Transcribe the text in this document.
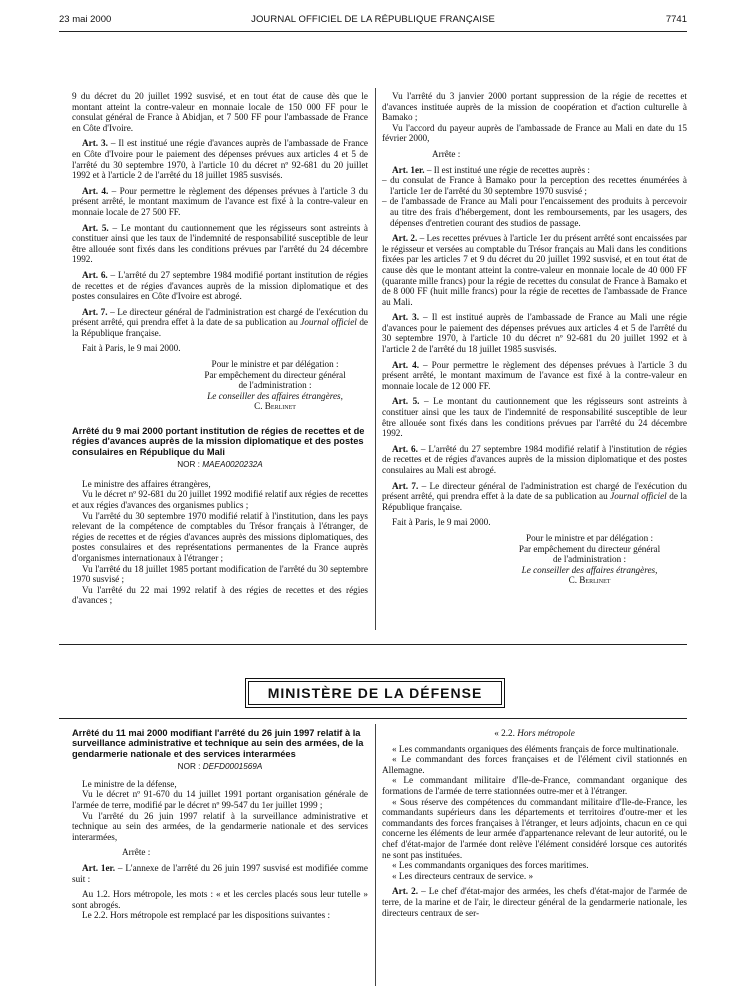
23 mai 2000	JOURNAL OFFICIEL DE LA RÉPUBLIQUE FRANÇAISE	7741

9 du décret du 20 juillet 1992 susvisé, et en tout état de cause dès que le montant atteint la contre-valeur en monnaie locale de 150 000 FF pour le consulat général de France à Abidjan, et 7 500 FF pour l'ambassade de France en Côte d'Ivoire.

Art. 3. – Il est institué une régie d'avances auprès de l'ambassade de France en Côte d'Ivoire pour le paiement des dépenses prévues aux articles 4 et 5 de l'arrêté du 30 septembre 1970, à l'article 10 du décret nº 92-681 du 20 juillet 1992 et à l'article 2 de l'arrêté du 18 juillet 1985 susvisés.

Art. 4. – Pour permettre le règlement des dépenses prévues à l'article 3 du présent arrêté, le montant maximum de l'avance est fixé à la contre-valeur en monnaie locale de 27 500 FF.

Art. 5. – Le montant du cautionnement que les régisseurs sont astreints à constituer ainsi que les taux de l'indemnité de responsabilité susceptible de leur être allouée sont fixés dans les conditions prévues par l'arrêté du 24 décembre 1992.

Art. 6. – L'arrêté du 27 septembre 1984 modifié portant institution de régies de recettes et de régies d'avances auprès de la mission diplomatique et des postes consulaires en Côte d'Ivoire est abrogé.

Art. 7. – Le directeur général de l'administration est chargé de l'exécution du présent arrêté, qui prendra effet à la date de sa publication au Journal officiel de la République française.

Fait à Paris, le 9 mai 2000.

Pour le ministre et par délégation :
Par empêchement du directeur général
de l'administration :
Le conseiller des affaires étrangères,
C. Berlinet

Arrêté du 9 mai 2000 portant institution de régies de recettes et de régies d'avances auprès de la mission diplomatique et des postes consulaires en République du Mali

NOR : MAEA0020232A

Le ministre des affaires étrangères,

Vu le décret nº 92-681 du 20 juillet 1992 modifié relatif aux régies de recettes et aux régies d'avances des organismes publics ;

Vu l'arrêté du 30 septembre 1970 modifié relatif à l'institution, dans les pays relevant de la compétence de comptables du Trésor français à l'étranger, de régies de recettes et de régies d'avances auprès des missions diplomatiques, des postes consulaires et des représentations permanentes de la France auprès d'organismes internationaux à l'étranger ;

Vu l'arrêté du 18 juillet 1985 portant modification de l'arrêté du 30 septembre 1970 susvisé ;

Vu l'arrêté du 22 mai 1992 relatif à des régies de recettes et des régies d'avances ;

Vu l'arrêté du 3 janvier 2000 portant suppression de la régie de recettes et d'avances instituée auprès de la mission de coopération et d'action culturelle à Bamako ;

Vu l'accord du payeur auprès de l'ambassade de France au Mali en date du 15 février 2000,

Arrête :

Art. 1er. – Il est institué une régie de recettes auprès :

– du consulat de France à Bamako pour la perception des recettes énumérées à l'article 1er de l'arrêté du 30 septembre 1970 susvisé ;

– de l'ambassade de France au Mali pour l'encaissement des produits à percevoir au titre des frais d'hébergement, dont les remboursements, par les usagers, des dépenses d'entretien courant des studios de passage.

Art. 2. – Les recettes prévues à l'article 1er du présent arrêté sont encaissées par le régisseur et versées au comptable du Trésor français au Mali dans les conditions fixées par les articles 7 et 9 du décret du 20 juillet 1992 susvisé, et en tout état de cause dès que le montant atteint la contre-valeur en monnaie locale de 40 000 FF (quarante mille francs) pour la régie de recettes du consulat de France à Bamako et de 8 000 FF (huit mille francs) pour la régie de recettes de l'ambassade de France au Mali.

Art. 3. – Il est institué auprès de l'ambassade de France au Mali une régie d'avances pour le paiement des dépenses prévues aux articles 4 et 5 de l'arrêté du 30 septembre 1970, à l'article 10 du décret nº 92-681 du 20 juillet 1992 et à l'article 2 de l'arrêté du 18 juillet 1985 susvisés.

Art. 4. – Pour permettre le règlement des dépenses prévues à l'article 3 du présent arrêté, le montant maximum de l'avance est fixé à la contre-valeur en monnaie locale de 12 000 FF.

Art. 5. – Le montant du cautionnement que les régisseurs sont astreints à constituer ainsi que les taux de l'indemnité de responsabilité susceptible de leur être allouée sont fixés dans les conditions prévues par l'arrêté du 24 décembre 1992.

Art. 6. – L'arrêté du 27 septembre 1984 modifié relatif à l'institution de régies de recettes et de régies d'avances auprès de la mission diplomatique et des postes consulaires au Mali est abrogé.

Art. 7. – Le directeur général de l'administration est chargé de l'exécution du présent arrêté, qui prendra effet à la date de sa publication au Journal officiel de la République française.

Fait à Paris, le 9 mai 2000.

Pour le ministre et par délégation :
Par empêchement du directeur général
de l'administration :
Le conseiller des affaires étrangères,
C. Berlinet
MINISTÈRE DE LA DÉFENSE

Arrêté du 11 mai 2000 modifiant l'arrêté du 26 juin 1997 relatif à la surveillance administrative et technique au sein des armées, de la gendarmerie nationale et des services interarmées

NOR : DEFD0001569A

Le ministre de la défense,

Vu le décret nº 91-670 du 14 juillet 1991 portant organisation générale de l'armée de terre, modifié par le décret nº 99-547 du 1er juillet 1999 ;

Vu l'arrêté du 26 juin 1997 relatif à la surveillance administrative et technique au sein des armées, de la gendarmerie nationale et des services interarmées,

Arrête :

Art. 1er. – L'annexe de l'arrêté du 26 juin 1997 susvisé est modifiée comme suit :

Au 1.2. Hors métropole, les mots : « et les cercles placés sous leur tutelle » sont abrogés.

Le 2.2. Hors métropole est remplacé par les dispositions suivantes :

« 2.2. Hors métropole

« Les commandants organiques des éléments français de force multinationale.

« Le commandant des forces françaises et de l'élément civil stationnés en Allemagne.

« Le commandant militaire d'Ile-de-France, commandant organique des formations de l'armée de terre stationnées outre-mer et à l'étranger.

« Sous réserve des compétences du commandant militaire d'Ile-de-France, les commandants supérieurs dans les départements et territoires d'outre-mer et les commandants des forces françaises à l'étranger, et leurs adjoints, chacun en ce qui concerne les éléments de leur armée d'appartenance relevant de leur autorité, ou le chef d'état-major de l'armée dont relève l'élément considéré lorsque ces autorités ne sont pas instituées.

« Les commandants organiques des forces maritimes.

« Les directeurs centraux de service. »

Art. 2. – Le chef d'état-major des armées, les chefs d'état-major de l'armée de terre, de la marine et de l'air, le directeur général de la gendarmerie nationale, les directeurs centraux de ser-
